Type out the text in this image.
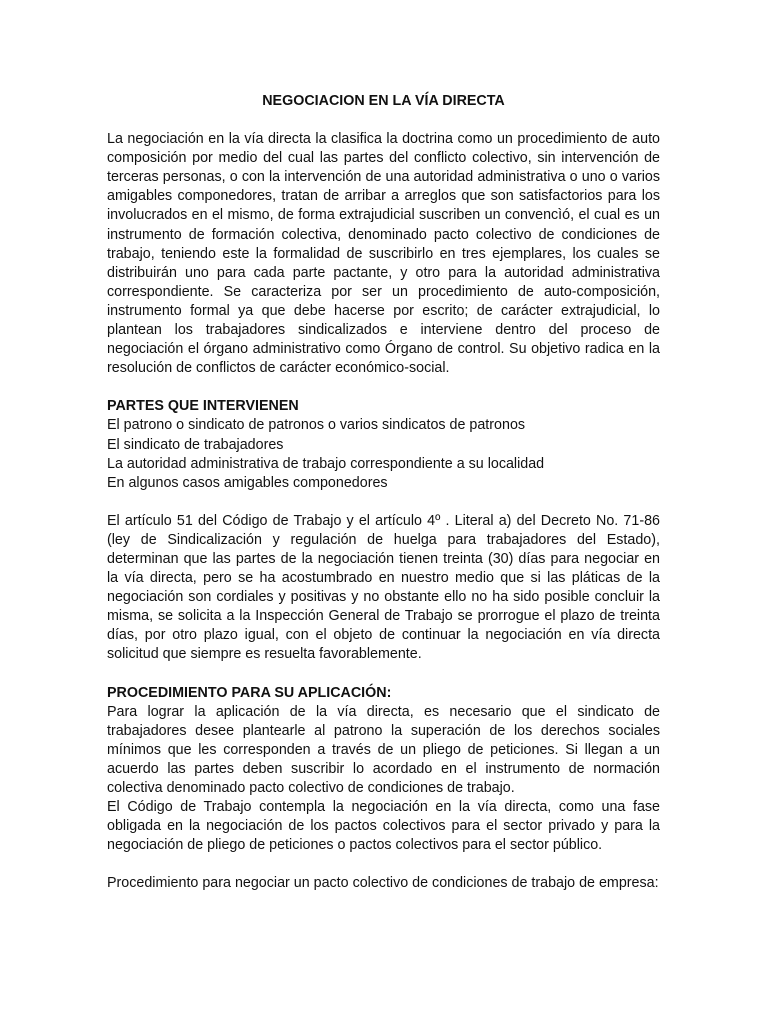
NEGOCIACION EN LA VÍA DIRECTA

La negociación en la vía directa la clasifica la doctrina como un procedimiento de auto composición por medio del cual las partes del conflicto colectivo, sin intervención de terceras personas, o con la intervención de una autoridad administrativa o uno o varios amigables componedores, tratan de arribar a arreglos que son satisfactorios para los involucrados en el mismo, de forma extrajudicial suscriben un convencìó, el cual es un instrumento de formación colectiva, denominado pacto colectivo de condiciones de trabajo, teniendo este la formalidad de suscribirlo en tres ejemplares, los cuales se distribuirán uno para cada parte pactante, y otro para la autoridad administrativa correspondiente. Se caracteriza por ser un procedimiento de auto-composición, instrumento formal ya que debe hacerse por escrito; de carácter extrajudicial, lo plantean los trabajadores sindicalizados e interviene dentro del proceso de negociación el órgano administrativo como Órgano de control. Su objetivo radica en la resolución de conflictos de carácter económico-social.

PARTES QUE INTERVIENEN

El patrono o sindicato de patronos o varios sindicatos de patronos

El sindicato de trabajadores

La autoridad administrativa de trabajo correspondiente a su localidad

En algunos casos amigables componedores

El artículo 51 del Código de Trabajo y el artículo 4º . Literal a) del Decreto No. 71-86 (ley de Sindicalización y regulación de huelga para trabajadores del Estado), determinan que las partes de la negociación tienen treinta (30) días para negociar en la vía directa, pero se ha acostumbrado en nuestro medio que si las pláticas de la negociación son cordiales y positivas y no obstante ello no ha sido posible concluir la misma, se solicita a la Inspección General de Trabajo se prorrogue el plazo de treinta días, por otro plazo igual, con el objeto de continuar la negociación en vía directa solicitud que siempre es resuelta favorablemente.

PROCEDIMIENTO PARA SU APLICACIÓN:

Para lograr la aplicación de la vía directa, es necesario que el sindicato de trabajadores desee plantearle al patrono la superación de los derechos sociales mínimos que les corresponden a través de un pliego de peticiones. Si llegan a un acuerdo las partes deben suscribir lo acordado en el instrumento de normación colectiva denominado pacto colectivo de condiciones de trabajo.

El Código de Trabajo contempla la negociación en la vía directa, como una fase obligada en la negociación de los pactos colectivos para el sector privado y para la negociación de pliego de peticiones o pactos colectivos para el sector público.

Procedimiento para negociar un pacto colectivo de condiciones de trabajo de empresa:
